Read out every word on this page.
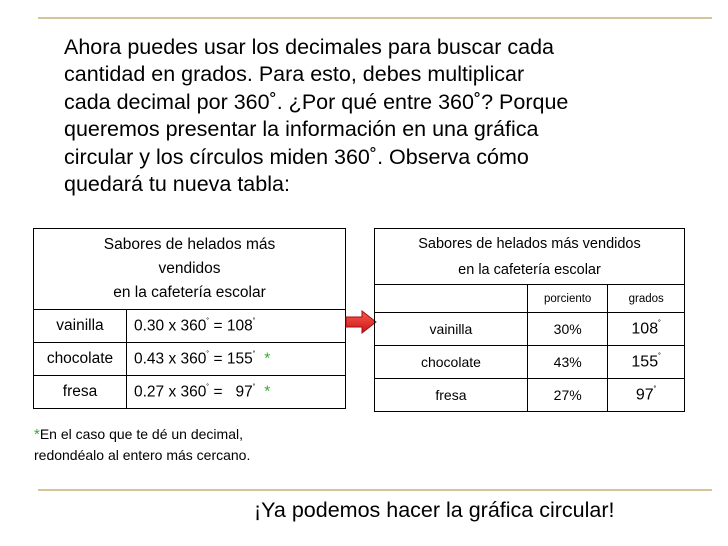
Ahora puedes usar los decimales para buscar cada
cantidad en grados. Para esto, debes multiplicar
cada decimal por 360˚. ¿Por qué entre 360˚? Porque
queremos presentar la información en una gráfica
circular y los círculos miden 360˚. Observa cómo
quedará tu nueva tabla:

Sabores de helados más
vendidos
en la cafetería escolar	
vainilla	0.30 x 360˚ = 108˚
chocolate	0.43 x 360˚ = 155˚  *
fresa	0.27 x 360˚ =   97˚  *
Sabores de helados más vendidos
en la cafetería escolar		
	porciento	grados
vainilla	30%	108˚
chocolate	43%	155˚
fresa	27%	97˚
*En el caso que te dé un decimal,
redondéalo al entero más cercano.
¡Ya podemos hacer la gráfica circular!
